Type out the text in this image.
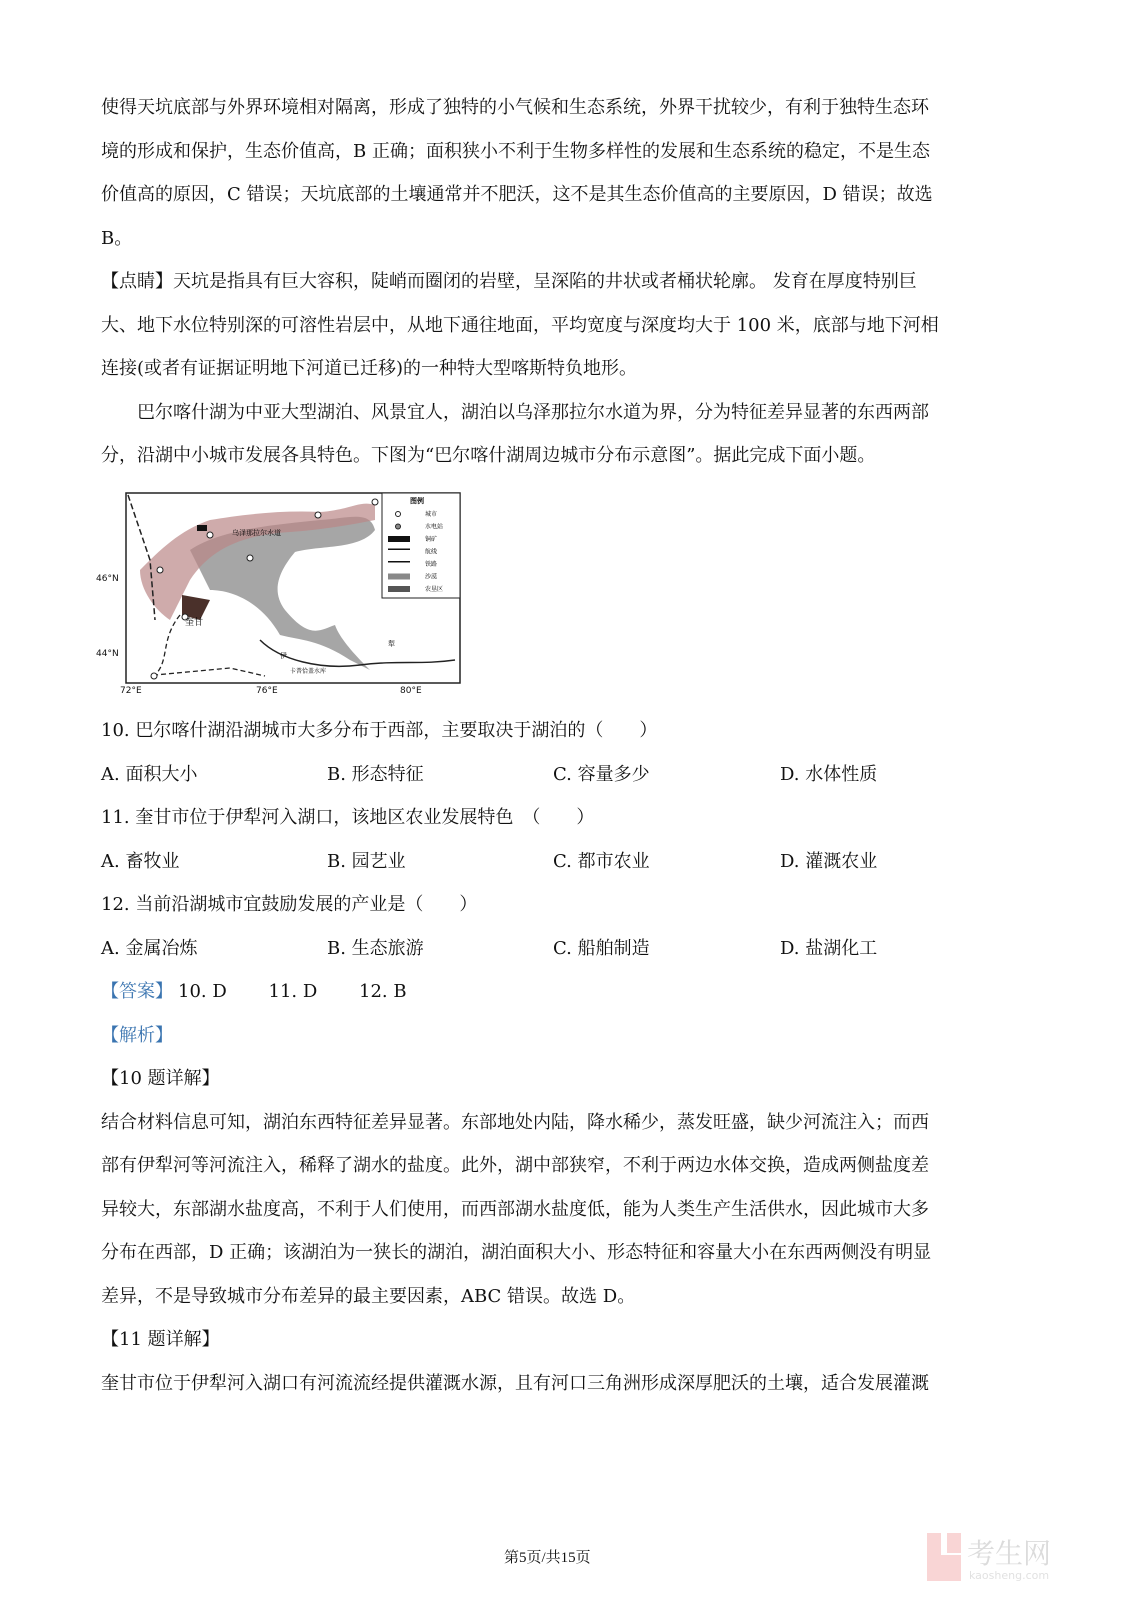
使得天坑底部与外界环境相对隔离，形成了独特的小气候和生态系统，外界干扰较少，有利于独特生态环
境的形成和保护，生态价值高，B 正确；面积狭小不利于生物多样性的发展和生态系统的稳定，不是生态
价值高的原因，C 错误；天坑底部的土壤通常并不肥沃，这不是其生态价值高的主要原因，D 错误；故选
B。
【点睛】天坑是指具有巨大容积，陡峭而圈闭的岩壁，呈深陷的井状或者桶状轮廓。 发育在厚度特别巨
大、地下水位特别深的可溶性岩层中，从地下通往地面，平均宽度与深度均大于 100 米，底部与地下河相
连接(或者有证据证明地下河道已迁移)的一种特大型喀斯特负地形。
　　巴尔喀什湖为中亚大型湖泊、风景宜人，湖泊以乌泽那拉尔水道为界，分为特征差异显著的东西两部
分，沿湖中小城市发展各具特色。下图为“巴尔喀什湖周边城市分布示意图”。据此完成下面小题。
10. 巴尔喀什湖沿湖城市大多分布于西部，主要取决于湖泊的（　　）
A. 面积大小	B. 形态特征	C. 容量多少	D. 水体性质
11. 奎甘市位于伊犁河入湖口，该地区农业发展特色　（　　）
A. 畜牧业	B. 园艺业	C. 都市农业	D. 灌溉农业
12. 当前沿湖城市宜鼓励发展的产业是（　　）
A. 金属冶炼	B. 生态旅游	C. 船舶制造	D. 盐湖化工
【答案】 10. D　　 11. D　　 12. B
【解析】
【10 题详解】
结合材料信息可知，湖泊东西特征差异显著。东部地处内陆，降水稀少，蒸发旺盛，缺少河流注入；而西
部有伊犁河等河流注入，稀释了湖水的盐度。此外，湖中部狭窄，不利于两边水体交换，造成两侧盐度差
异较大，东部湖水盐度高，不利于人们使用，而西部湖水盐度低，能为人类生产生活供水，因此城市大多
分布在西部，D 正确；该湖泊为一狭长的湖泊，湖泊面积大小、形态特征和容量大小在东西两侧没有明显
差异，不是导致城市分布差异的最主要因素，ABC 错误。故选 D。
【11 题详解】
奎甘市位于伊犁河入湖口有河流流经提供灌溉水源，且有河口三角洲形成深厚肥沃的土壤，适合发展灌溉
乌泽那拉尔水道
奎甘
卡普恰盖水库
伊
犁
46°N
44°N
72°E	76°E	80°E
图例
城市
水电站
铜矿
航线
铁路
沙漠
农垦区
第5页/共15页	考生网
kaosheng.com
